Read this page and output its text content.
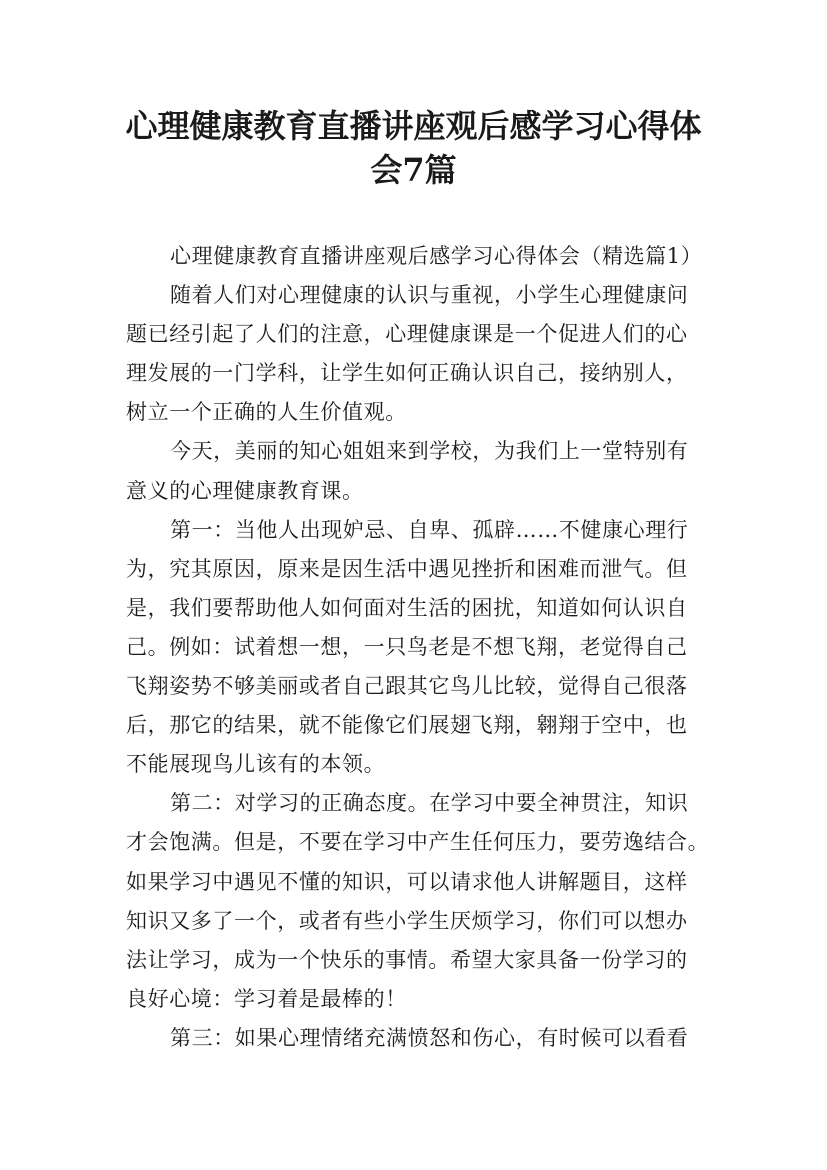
心理健康教育直播讲座观后感学习心得体
会7篇
心理健康教育直播讲座观后感学习心得体会（精选篇1）
随着人们对心理健康的认识与重视，小学生心理健康问
题已经引起了人们的注意，心理健康课是一个促进人们的心
理发展的一门学科，让学生如何正确认识自己，接纳别人，
树立一个正确的人生价值观。
今天，美丽的知心姐姐来到学校，为我们上一堂特别有
意义的心理健康教育课。
第一：当他人出现妒忌、自卑、孤辟……不健康心理行
为，究其原因，原来是因生活中遇见挫折和困难而泄气。但
是，我们要帮助他人如何面对生活的困扰，知道如何认识自
己。例如：试着想一想，一只鸟老是不想飞翔，老觉得自己
飞翔姿势不够美丽或者自己跟其它鸟儿比较，觉得自己很落
后，那它的结果，就不能像它们展翅飞翔，翱翔于空中，也
不能展现鸟儿该有的本领。
第二：对学习的正确态度。在学习中要全神贯注，知识
才会饱满。但是，不要在学习中产生任何压力，要劳逸结合。
如果学习中遇见不懂的知识，可以请求他人讲解题目，这样
知识又多了一个，或者有些小学生厌烦学习，你们可以想办
法让学习，成为一个快乐的事情。希望大家具备一份学习的
良好心境：学习着是最棒的！
第三：如果心理情绪充满愤怒和伤心，有时候可以看看
